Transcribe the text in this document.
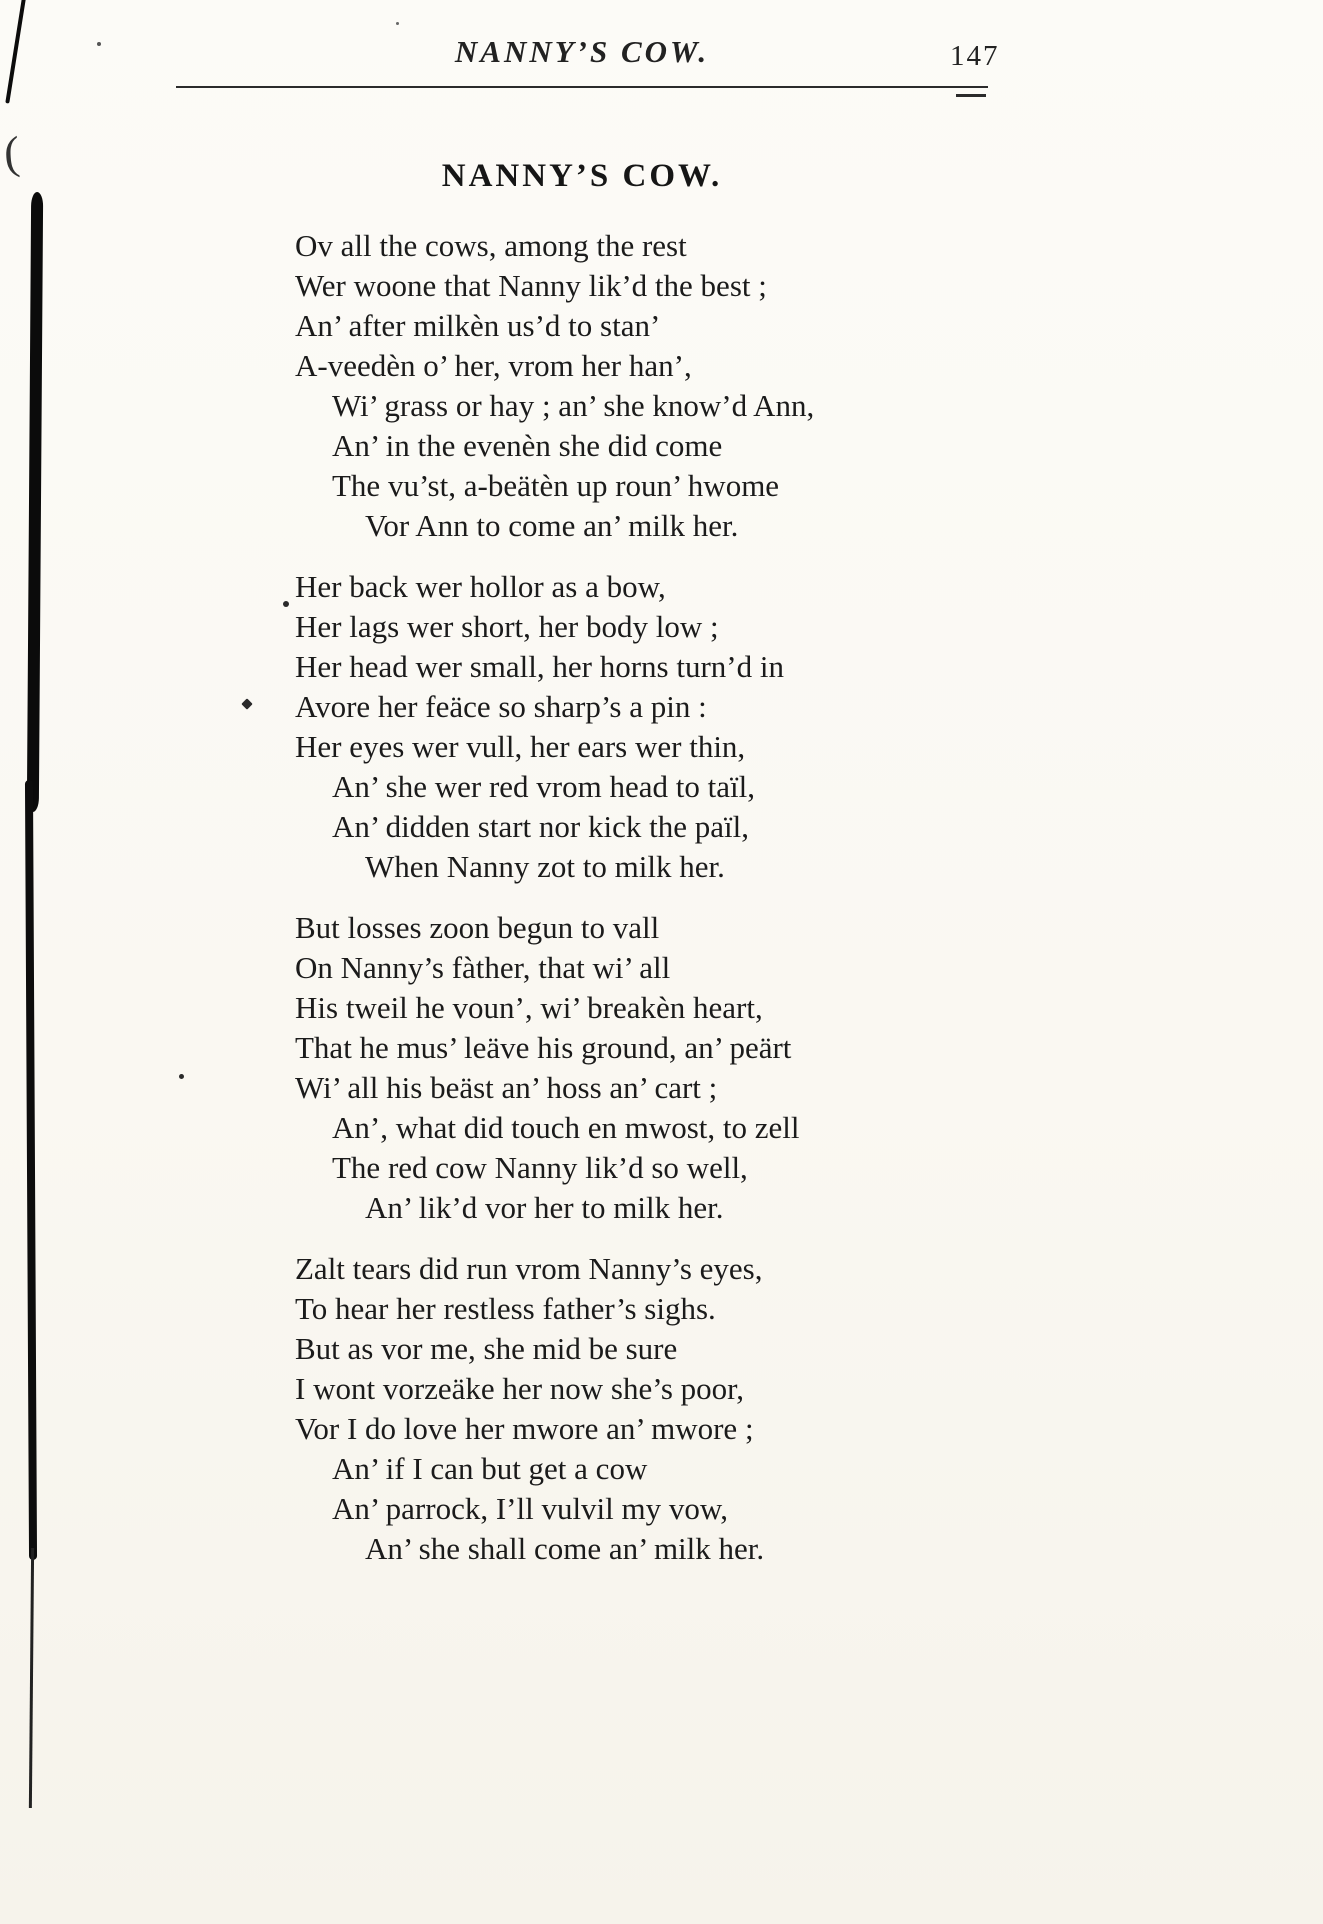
(
NANNY’S COW.	147
NANNY’S COW.
Ov all the cows, among the rest
Wer woone that Nanny lik’d the best ;
An’ after milkèn us’d to stan’
A-veedèn o’ her, vrom her han’,
Wi’ grass or hay ; an’ she know’d Ann,
An’ in the evenèn she did come
The vu’st, a-beätèn up roun’ hwome
Vor Ann to come an’ milk her.
Her back wer hollor as a bow,
Her lags wer short, her body low ;
Her head wer small, her horns turn’d in
Avore her feäce so sharp’s a pin :
Her eyes wer vull, her ears wer thin,
An’ she wer red vrom head to taïl,
An’ didden start nor kick the païl,
When Nanny zot to milk her.
But losses zoon begun to vall
On Nanny’s fàther, that wi’ all
His tweil he voun’, wi’ breakèn heart,
That he mus’ leäve his ground, an’ peärt
Wi’ all his beäst an’ hoss an’ cart ;
An’, what did touch en mwost, to zell
The red cow Nanny lik’d so well,
An’ lik’d vor her to milk her.
Zalt tears did run vrom Nanny’s eyes,
To hear her restless father’s sighs.
But as vor me, she mid be sure
I wont vorzeäke her now she’s poor,
Vor I do love her mwore an’ mwore ;
An’ if I can but get a cow
An’ parrock, I’ll vulvil my vow,
An’ she shall come an’ milk her.
